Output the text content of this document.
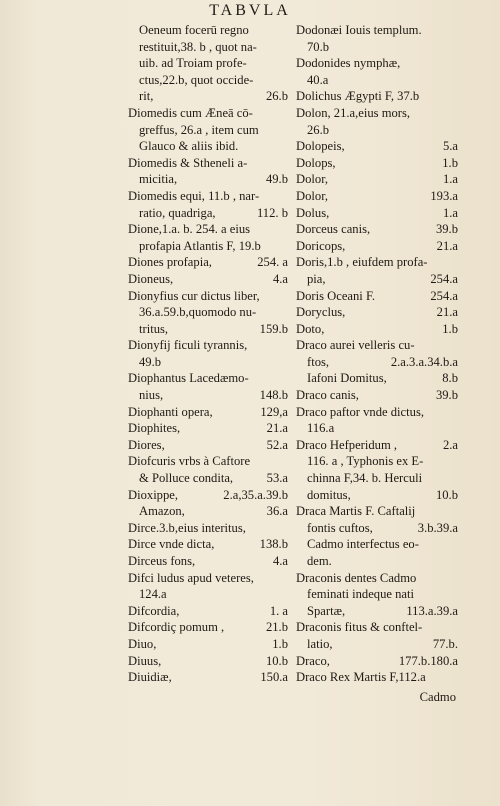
TABVLA
Oeneum focerū regno
restituit,38. b , quot na-
uib. ad Troiam profe-
ctus,22.b, quot occide-
rit,	26.b
Diomedis cum Æneā cō-
greffus, 26.a , item cum
Glauco & aliis ibid.
Diomedis & Stheneli a-
micitia,	49.b
Diomedis equi, 11.b , nar-
ratio, quadriga,	112. b
Dione,1.a. b. 254. a eius
profapia Atlantis F, 19.b
Diones profapia,	254. a
Dioneus,	4.a
Dionyfius cur dictus liber,
36.a.59.b,quomodo nu-
tritus,	159.b
Dionyfij ficuli tyrannis,
49.b
Diophantus Lacedæmo-
nius,	148.b
Diophanti opera,	129,a
Diophites,	21.a
Diores,	52.a
Diofcuris vrbs à Caftore
& Polluce condita,	53.a
Dioxippe,	2.a,35.a.39.b
Amazon,	36.a
Dirce.3.b,eius interitus,
Dirce vnde dicta,	138.b
Dirceus fons,	4.a
Difci ludus apud veteres,
124.a
Difcordia,	1. a
Difcordiç pomum ,	21.b
Diuo,	1.b
Diuus,	10.b
Diuidiæ,	150.a
Dodonæi Iouis templum.
70.b
Dodonides nymphæ,
40.a
Dolichus Ægypti F, 37.b
Dolon, 21.a,eius mors,
26.b
Dolopeis,	5.a
Dolops,	1.b
Dolor,	1.a
Dolor,	193.a
Dolus,	1.a
Dorceus canis,	39.b
Doricops,	21.a
Doris,1.b , eiufdem profa-
pia,	254.a
Doris Oceani F.	254.a
Doryclus,	21.a
Doto,	1.b
Draco aurei velleris cu-
ftos,	2.a.3.a.34.b.a
Iafoni Domitus,	8.b
Draco canis,	39.b
Draco paftor vnde dictus,
116.a
Draco Hefperidum ,	2.a
116. a , Typhonis ex E-
chinna F,34. b. Herculi
domitus,	10.b
Draca Martis F. Caftalij
fontis cuftos,	3.b.39.a
Cadmo interfectus eo-
dem.
Draconis dentes Cadmo
feminati indeque nati
Spartæ,	113.a.39.a
Draconis fitus & conftel-
latio,	77.b.
Draco,	177.b.180.a
Draco Rex Martis F,112.a
Cadmo
